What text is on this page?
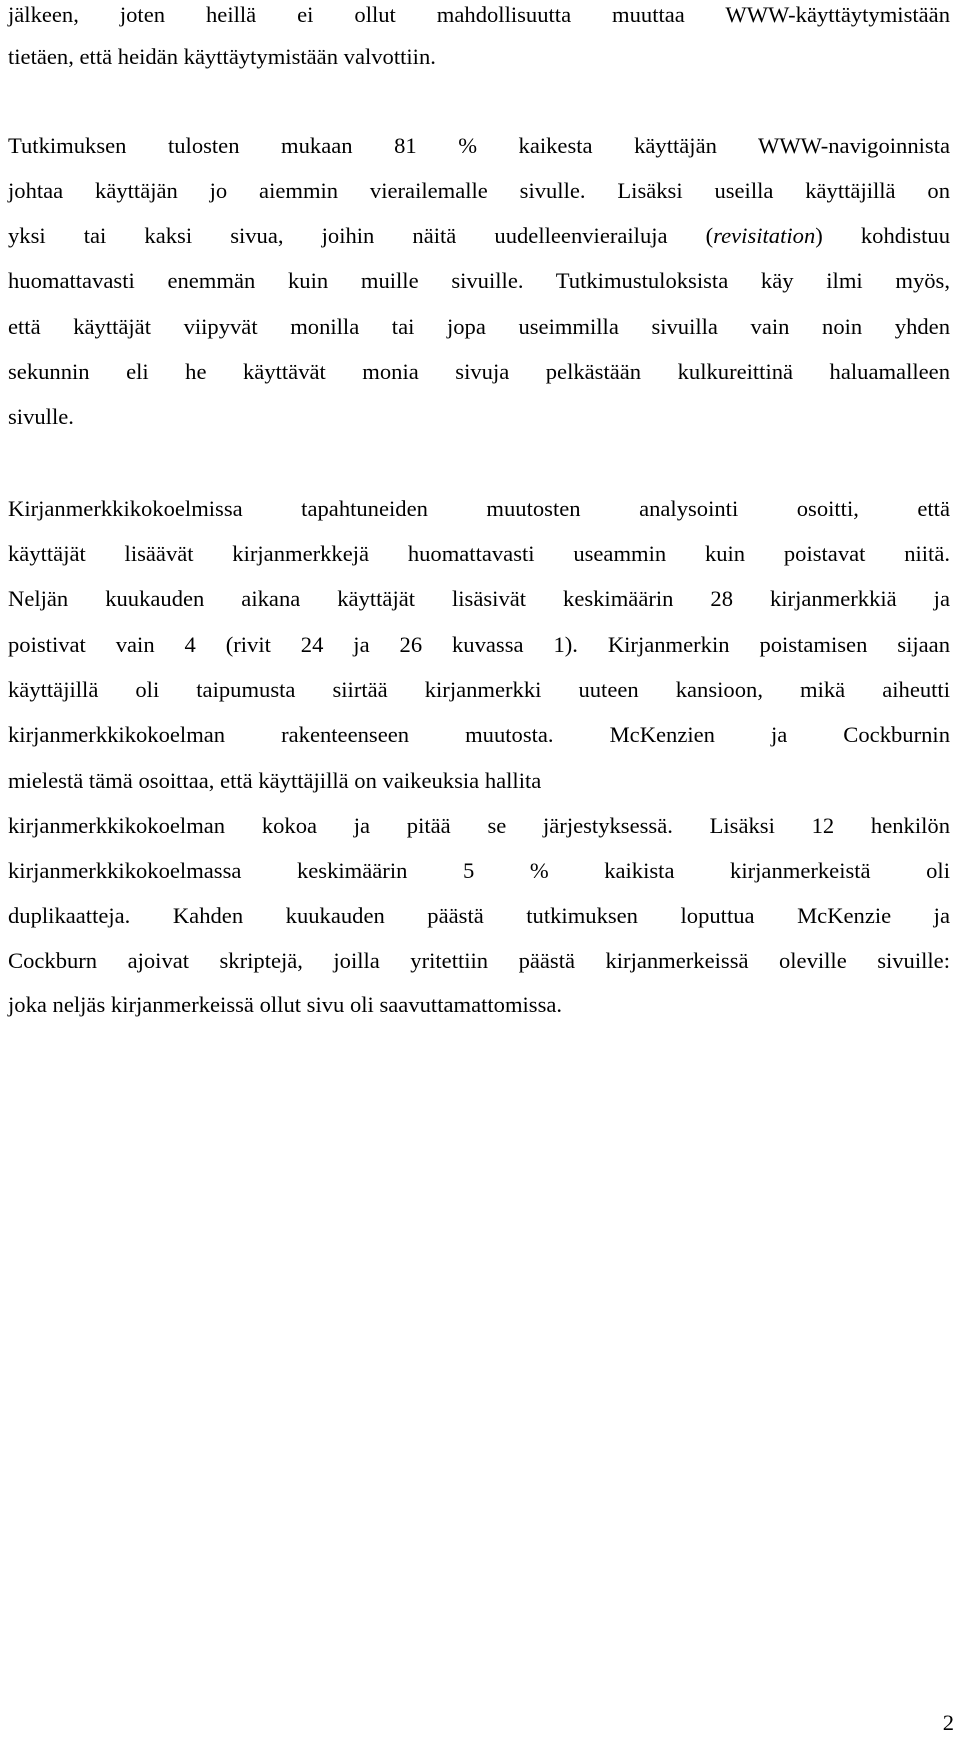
jälkeen, joten heillä ei ollut mahdollisuutta muuttaa WWW-käyttäytymistään
tietäen, että heidän käyttäytymistään valvottiin.
Tutkimuksen tulosten mukaan 81 % kaikesta käyttäjän WWW-navigoinnista
johtaa käyttäjän jo aiemmin vierailemalle sivulle. Lisäksi useilla käyttäjillä on
yksi tai kaksi sivua, joihin näitä uudelleenvierailuja (revisitation) kohdistuu
huomattavasti enemmän kuin muille sivuille. Tutkimustuloksista käy ilmi myös,
että käyttäjät viipyvät monilla tai jopa useimmilla sivuilla vain noin yhden
sekunnin eli he käyttävät monia sivuja pelkästään kulkureittinä haluamalleen
sivulle.
Kirjanmerkkikokoelmissa tapahtuneiden muutosten analysointi osoitti, että
käyttäjät lisäävät kirjanmerkkejä huomattavasti useammin kuin poistavat niitä.
Neljän kuukauden aikana käyttäjät lisäsivät keskimäärin 28 kirjanmerkkiä ja
poistivat vain 4 (rivit 24 ja 26 kuvassa 1). Kirjanmerkin poistamisen sijaan
käyttäjillä oli taipumusta siirtää kirjanmerkki uuteen kansioon, mikä aiheutti
kirjanmerkkikokoelman rakenteenseen muutosta. McKenzien ja Cockburnin
mielestä tämä osoittaa, että käyttäjillä on vaikeuksia hallita
kirjanmerkkikokoelman kokoa ja pitää se järjestyksessä. Lisäksi 12 henkilön
kirjanmerkkikokoelmassa keskimäärin 5 % kaikista kirjanmerkeistä oli
duplikaatteja. Kahden kuukauden päästä tutkimuksen loputtua McKenzie ja
Cockburn ajoivat skriptejä, joilla yritettiin päästä kirjanmerkeissä oleville sivuille:
joka neljäs kirjanmerkeissä ollut sivu oli saavuttamattomissa.
2
